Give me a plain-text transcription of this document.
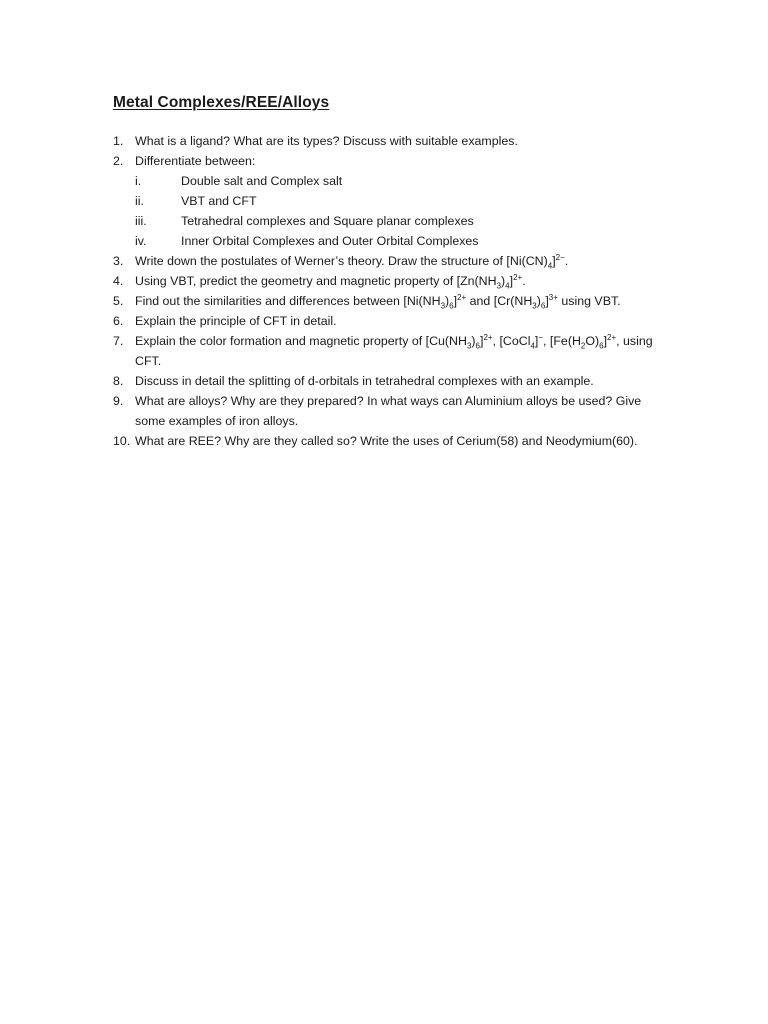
Metal Complexes/REE/Alloys
1. What is a ligand? What are its types? Discuss with suitable examples.
2. Differentiate between:
i.	Double salt and Complex salt
ii.	VBT and CFT
iii.	Tetrahedral complexes and Square planar complexes
iv.	Inner Orbital Complexes and Outer Orbital Complexes
3. Write down the postulates of Werner’s theory. Draw the structure of $[Ni(CN)_4]^{2-}$.
4. Using VBT, predict the geometry and magnetic property of $[Zn(NH_3)_4]^{2+}$.
5. Find out the similarities and differences between $[Ni(NH_3)_6]^{2+}$ and $[Cr(NH_3)_6]^{3+}$ using VBT.
6. Explain the principle of CFT in detail.
7. Explain the color formation and magnetic property of $[Cu(NH_3)_6]^{2+}$, [CoCl$_4$]−, $[Fe(H_2O)_6]^{2+}$, using
CFT.
8. Discuss in detail the splitting of d-orbitals in tetrahedral complexes with an example.
9. What are alloys? Why are they prepared? In what ways can Aluminium alloys be used? Give
some examples of iron alloys.
10. What are REE? Why are they called so? Write the uses of Cerium(58) and Neodymium(60).
